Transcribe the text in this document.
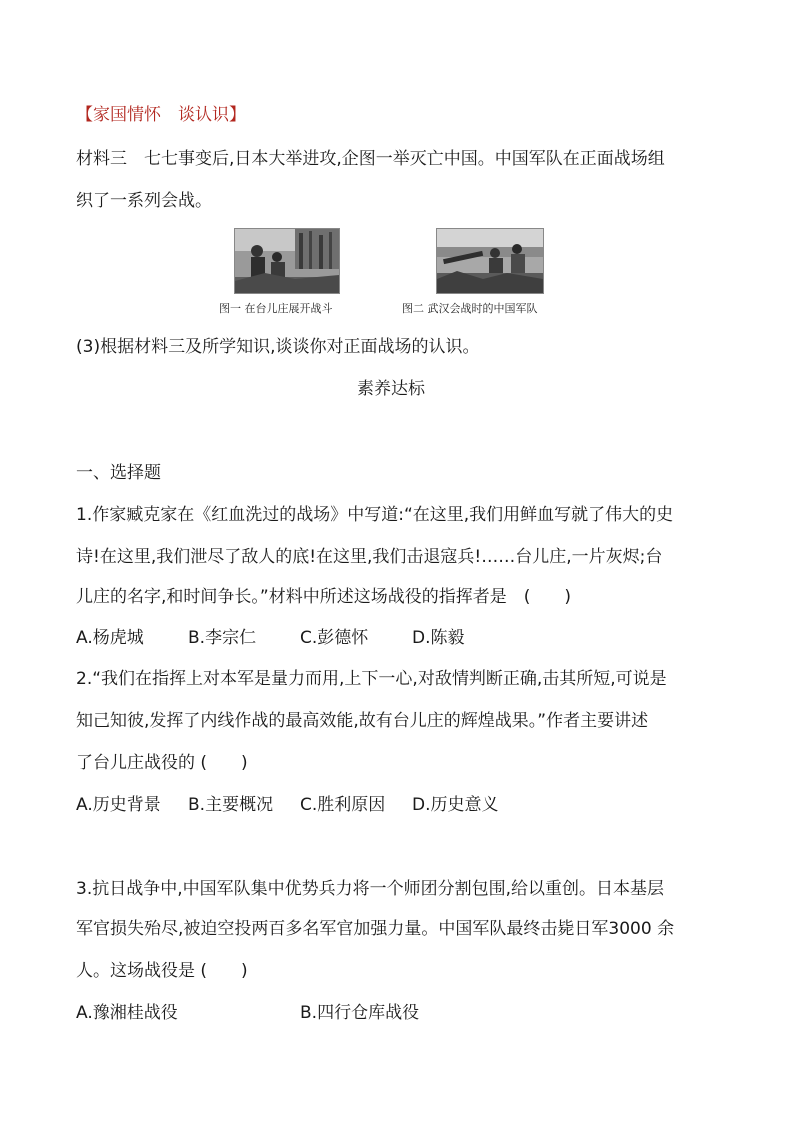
【家国情怀　谈认识】
材料三　七七事变后,日本大举进攻,企图一举灭亡中国。中国军队在正面战场组
织了一系列会战。
图一 在台儿庄展开战斗	图二 武汉会战时的中国军队
(3)根据材料三及所学知识,谈谈你对正面战场的认识。
素养达标
一、选择题
1.作家臧克家在《红血洗过的战场》中写道:“在这里,我们用鲜血写就了伟大的史
诗!在这里,我们泄尽了敌人的底!在这里,我们击退寇兵!……台儿庄,一片灰烬;台
儿庄的名字,和时间争长。”材料中所述这场战役的指挥者是　(　　)
A.杨虎城	B.李宗仁	C.彭德怀	D.陈毅
2.“我们在指挥上对本军是量力而用,上下一心,对敌情判断正确,击其所短,可说是
知己知彼,发挥了内线作战的最高效能,故有台儿庄的辉煌战果。”作者主要讲述
了台儿庄战役的 (　　)
A.历史背景 B.主要概况 C.胜利原因 D.历史意义
3.抗日战争中,中国军队集中优势兵力将一个师团分割包围,给以重创。日本基层
军官损失殆尽,被迫空投两百多名军官加强力量。中国军队最终击毙日军3000 余
人。这场战役是 (　　)
A.豫湘桂战役	B.四行仓库战役
